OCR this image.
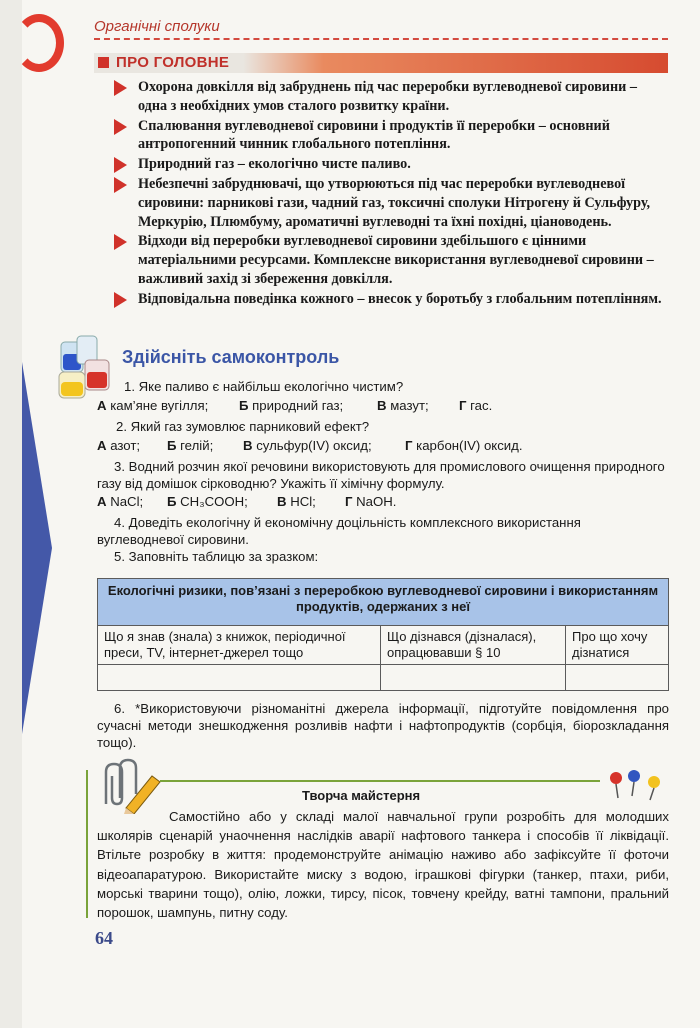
Органічні сполуки
ПРО ГОЛОВНЕ
Охорона довкілля від забруднень під час переробки вуглеводневої сировини – одна з необхідних умов сталого розвитку країни.
Спалювання вуглеводневої сировини і продуктів її переробки – основний антропогенний чинник глобального потепління.
Природний газ – екологічно чисте паливо.
Небезпечні забруднювачі, що утворюються під час переробки вуглеводневої сировини: парникові гази, чадний газ, токсичні сполуки Нітрогену й Сульфуру, Меркурію, Плюмбуму, ароматичні вуглеводні та їхні похідні, ціановодень.
Відходи від переробки вуглеводневої сировини здебільшого є цінними матеріальними ресурсами. Комплексне використання вуглеводневої сировини – важливий захід зі збереження довкілля.
Відповідальна поведінка кожного – внесок у боротьбу з глобальним потеплінням.
Здійсніть самоконтроль
1. Яке паливо є найбільш екологічно чистим?
А кам’яне вугілля; Б природний газ;	В мазут; Г гас.
2. Який газ зумовлює парниковий ефект?
А азот; Б гелій; В сульфур(IV) оксид;	Г карбон(IV) оксид.
3. Водний розчин якої речовини використовують для промислового очищення природного газу від домішок сірководню? Укажіть її хімічну формулу.
А NaCl; Б CH₃COOH; В HCl; Г NaOH.
4. Доведіть екологічну й економічну доцільність комплексного використання вуглеводневої сировини.
5. Заповніть таблицю за зразком:
Екологічні ризики, пов’язані з переробкою вуглеводневої сировини і використанням продуктів, одержаних з неї		
Що я знав (знала) з книжок, періодичної преси, TV, інтернет-джерел тощо	Що дізнався (дізналася), опрацювавши § 10	Про що хочу дізнатися

6. *Використовуючи різноманітні джерела інформації, підготуйте повідомлення про сучасні методи знешкодження розливів нафти і нафтопродуктів (сорбція, біорозкладання тощо).
Творча майстерня
Самостійно або у складі малої навчальної групи розробіть для молодших школярів сценарій унаочнення наслідків аварії нафтового танкера і способів її ліквідації. Втільте розробку в життя: продемонструйте анімацію наживо або зафіксуйте її фоточи відеоапаратурою. Використайте миску з водою, іграшкові фігурки (танкер, птахи, риби, морські тварини тощо), олію, ложки, тирсу, пісок, товчену крейду, ватні тампони, пральний порошок, шампунь, питну соду.
64
